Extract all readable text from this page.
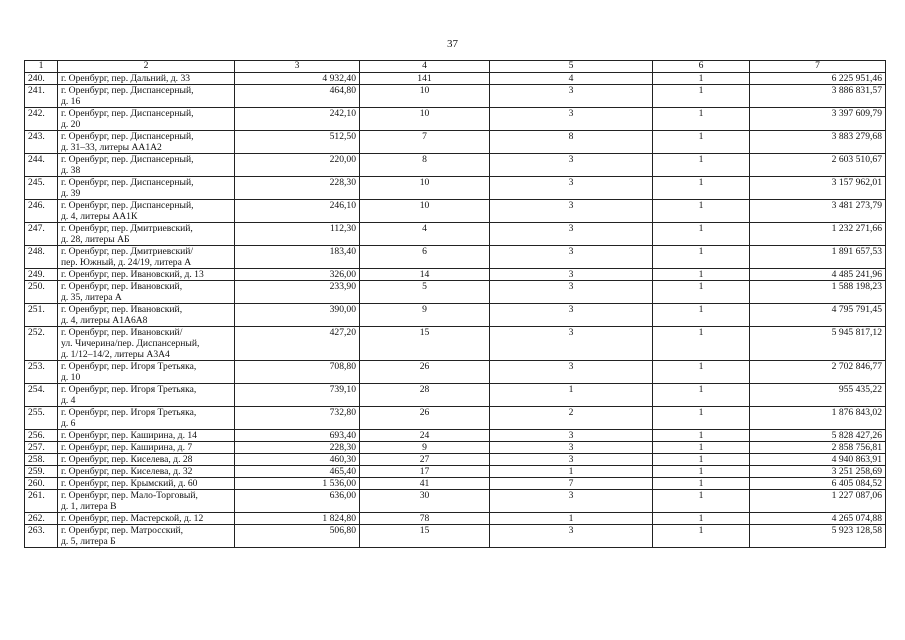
37
1	2	3	4	5	6	7
240.	г. Оренбург, пер. Дальний, д. 33	4 932,40	141	4	1	6 225 951,46
241.	г. Оренбург, пер. Диспансерный,
д. 16	464,80	10	3	1	3 886 831,57
242.	г. Оренбург, пер. Диспансерный,
д. 20	242,10	10	3	1	3 397 609,79
243.	г. Оренбург, пер. Диспансерный,
д. 31–33, литеры АА1А2	512,50	7	8	1	3 883 279,68
244.	г. Оренбург, пер. Диспансерный,
д. 38	220,00	8	3	1	2 603 510,67
245.	г. Оренбург, пер. Диспансерный,
д. 39	228,30	10	3	1	3 157 962,01
246.	г. Оренбург, пер. Диспансерный,
д. 4, литеры АА1К	246,10	10	3	1	3 481 273,79
247.	г. Оренбург, пер. Дмитриевский,
д. 28, литеры АБ	112,30	4	3	1	1 232 271,66
248.	г. Оренбург, пер. Дмитриевский/
пер. Южный, д. 24/19, литера А	183,40	6	3	1	1 891 657,53
249.	г. Оренбург, пер. Ивановский, д. 13	326,00	14	3	1	4 485 241,96
250.	г. Оренбург, пер. Ивановский,
д. 35, литера А	233,90	5	3	1	1 588 198,23
251.	г. Оренбург, пер. Ивановский,
д. 4, литеры А1А6А8	390,00	9	3	1	4 795 791,45
252.	г. Оренбург, пер. Ивановский/
ул. Чичерина/пер. Диспансерный,
д. 1/12–14/2, литеры А3А4	427,20	15	3	1	5 945 817,12
253.	г. Оренбург, пер. Игоря Третьяка,
д. 10	708,80	26	3	1	2 702 846,77
254.	г. Оренбург, пер. Игоря Третьяка,
д. 4	739,10	28	1	1	955 435,22
255.	г. Оренбург, пер. Игоря Третьяка,
д. 6	732,80	26	2	1	1 876 843,02
256.	г. Оренбург, пер. Каширина, д. 14	693,40	24	3	1	5 828 427,26
257.	г. Оренбург, пер. Каширина, д. 7	228,30	9	3	1	2 858 756,81
258.	г. Оренбург, пер. Киселева, д. 28	460,30	27	3	1	4 940 863,91
259.	г. Оренбург, пер. Киселева, д. 32	465,40	17	1	1	3 251 258,69
260.	г. Оренбург, пер. Крымский, д. 60	1 536,00	41	7	1	6 405 084,52
261.	г. Оренбург, пер. Мало-Торговый,
д. 1, литера В	636,00	30	3	1	1 227 087,06
262.	г. Оренбург, пер. Мастерской, д. 12	1 824,80	78	1	1	4 265 074,88
263.	г. Оренбург, пер. Матросский,
д. 5, литера Б	506,80	15	3	1	5 923 128,58
